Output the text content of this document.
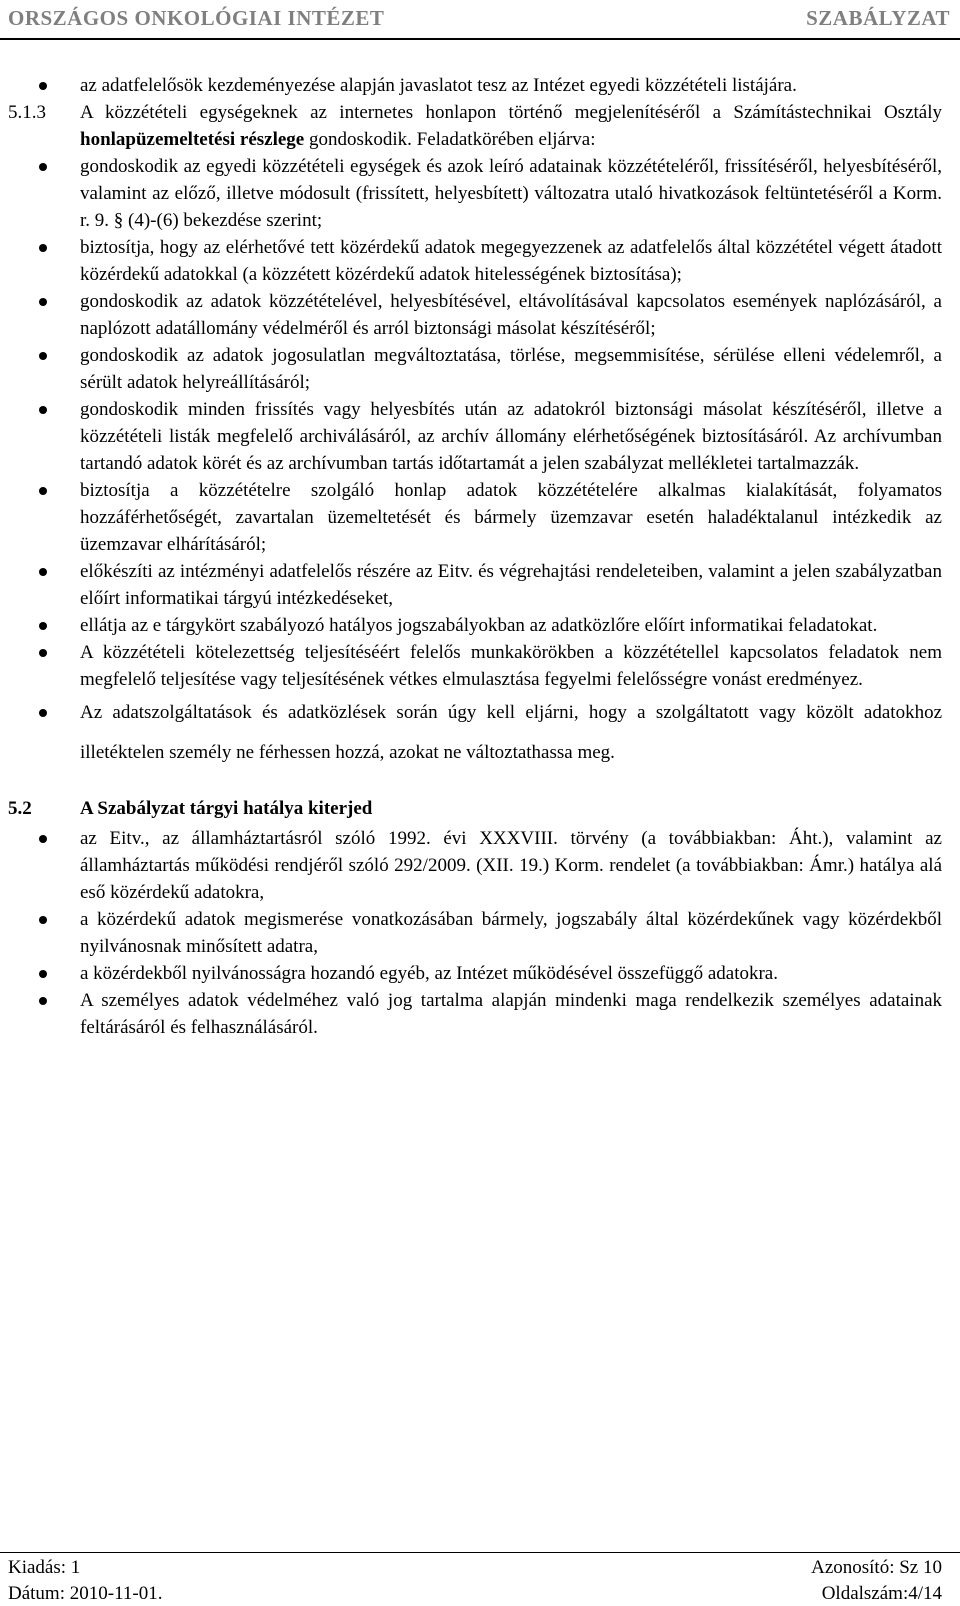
ORSZÁGOS ONKOLÓGIAI INTÉZET	SZABÁLYZAT
az adatfelelősök kezdeményezése alapján javaslatot tesz az Intézet egyedi közzétételi listájára.
5.1.3	A közzétételi egységeknek az internetes honlapon történő megjelenítéséről a Számítástechnikai Osztály honlapüzemeltetési részlege gondoskodik. Feladatkörében eljárva:
gondoskodik az egyedi közzétételi egységek és azok leíró adatainak közzétételéről, frissítéséről, helyesbítéséről, valamint az előző, illetve módosult (frissített, helyesbített) változatra utaló hivatkozások feltüntetéséről a Korm. r. 9. § (4)-(6) bekezdése szerint;
biztosítja, hogy az elérhetővé tett közérdekű adatok megegyezzenek az adatfelelős által közzététel végett átadott közérdekű adatokkal (a közzétett közérdekű adatok hitelességének biztosítása);
gondoskodik az adatok közzétételével, helyesbítésével, eltávolításával kapcsolatos események naplózásáról, a naplózott adatállomány védelméről és arról biztonsági másolat készítéséről;
gondoskodik az adatok jogosulatlan megváltoztatása, törlése, megsemmisítése, sérülése elleni védelemről, a sérült adatok helyreállításáról;
gondoskodik minden frissítés vagy helyesbítés után az adatokról biztonsági másolat készítéséről, illetve a közzétételi listák megfelelő archiválásáról, az archív állomány elérhetőségének biztosításáról. Az archívumban tartandó adatok körét és az archívumban tartás időtartamát a jelen szabályzat mellékletei tartalmazzák.
biztosítja a közzétételre szolgáló honlap adatok közzétételére alkalmas kialakítását, folyamatos hozzáférhetőségét, zavartalan üzemeltetését és bármely üzemzavar esetén haladéktalanul intézkedik az üzemzavar elhárításáról;
előkészíti az intézményi adatfelelős részére az Eitv. és végrehajtási rendeleteiben, valamint a jelen szabályzatban előírt informatikai tárgyú intézkedéseket,
ellátja az e tárgykört szabályozó hatályos jogszabályokban az adatközlőre előírt informatikai feladatokat.
A közzétételi kötelezettség teljesítéséért felelős munkakörökben a közzététellel kapcsolatos feladatok nem megfelelő teljesítése vagy teljesítésének vétkes elmulasztása fegyelmi felelősségre vonást eredményez.
Az adatszolgáltatások és adatközlések során úgy kell eljárni, hogy a szolgáltatott vagy közölt adatokhoz illetéktelen személy ne férhessen hozzá, azokat ne változtathassa meg.
5.2	A Szabályzat tárgyi hatálya kiterjed
az Eitv., az államháztartásról szóló 1992. évi XXXVIII. törvény (a továbbiakban: Áht.), valamint az államháztartás működési rendjéről szóló 292/2009. (XII. 19.) Korm. rendelet (a továbbiakban: Ámr.) hatálya alá eső közérdekű adatokra,
a közérdekű adatok megismerése vonatkozásában bármely, jogszabály által közérdekűnek vagy közérdekből nyilvánosnak minősített adatra,
a közérdekből nyilvánosságra hozandó egyéb, az Intézet működésével összefüggő adatokra.
A személyes adatok védelméhez való jog tartalma alapján mindenki maga rendelkezik személyes adatainak feltárásáról és felhasználásáról.
Kiadás: 1	Azonosító: Sz 10
Dátum: 2010-11-01.	Oldalszám:4/14
